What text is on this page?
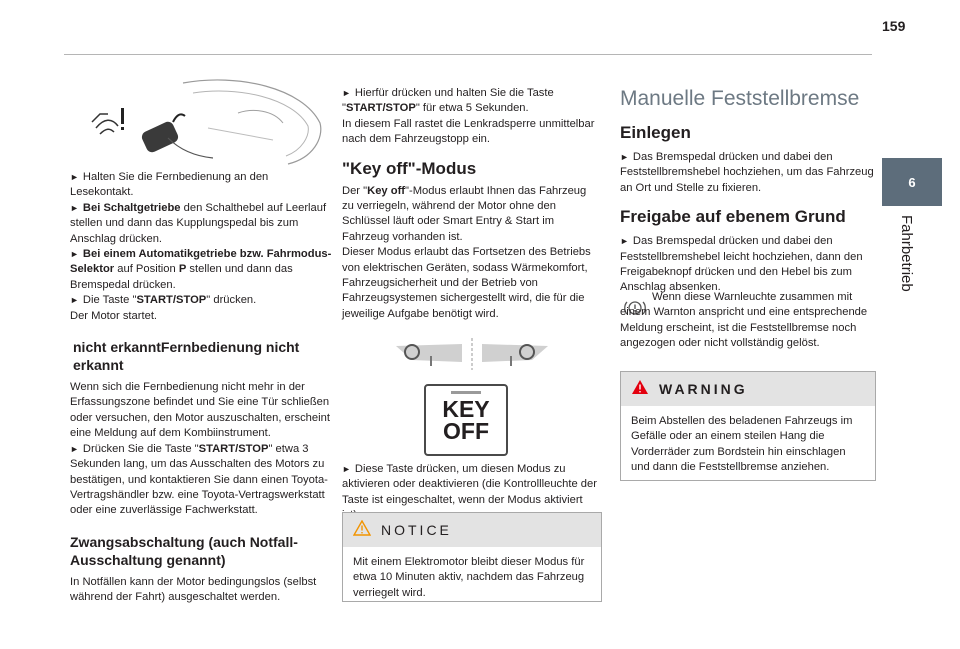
159
6
Fahrbetrieb

► Halten Sie die Fernbedienung an den Lesekontakt.

► Bei Schaltgetriebe den Schalthebel auf Leerlauf stellen und dann das Kupplungspedal bis zum Anschlag drücken.

► Bei einem Automatikgetriebe bzw. Fahrmodus-Selektor auf Position P stellen und dann das Bremspedal drücken.

► Die Taste "START/STOP" drücken.

Der Motor startet.

nicht erkanntFernbedienung nicht erkannt

Wenn sich die Fernbedienung nicht mehr in der Erfassungszone befindet und Sie eine Tür schließen oder versuchen, den Motor auszuschalten, erscheint eine Meldung auf dem Kombiinstrument.

► Drücken Sie die Taste "START/STOP" etwa 3 Sekunden lang, um das Ausschalten des Motors zu bestätigen, und kontaktieren Sie dann einen Toyota-Vertragshändler bzw. eine Toyota-Vertragswerkstatt oder eine zuverlässige Fachwerkstatt.

Zwangsabschaltung (auch Notfall-Ausschaltung genannt)

In Notfällen kann der Motor bedingungslos (selbst während der Fahrt) ausgeschaltet werden.

► Hierfür drücken und halten Sie die Taste "START/STOP" für etwa 5 Sekunden.

In diesem Fall rastet die Lenkradsperre unmittelbar nach dem Fahrzeugstopp ein.

"Key off"-Modus

Der "Key off"-Modus erlaubt Ihnen das Fahrzeug zu verriegeln, während der Motor ohne den Schlüssel läuft oder Smart Entry & Start im Fahrzeug vorhanden ist.

Dieser Modus erlaubt das Fortsetzen des Betriebs von elektrischen Geräten, sodass Wärmekomfort, Fahrzeugsicherheit und der Betrieb von Fahrzeugsystemen sichergestellt wird, die für die jeweilige Aufgabe benötigt wird.

KEY
OFF

► Diese Taste drücken, um diesen Modus zu aktivieren oder deaktivieren (die Kontrollleuchte der Taste ist eingeschaltet, wenn der Modus aktiviert

NOTICE

Mit einem Elektromotor bleibt dieser Modus für etwa 10 Minuten aktiv, nachdem das Fahrzeug verriegelt wird.

Manuelle Feststellbremse
Einlegen

► Das Bremspedal drücken und dabei den Feststellbremshebel hochziehen, um das Fahrzeug an Ort und Stelle zu fixieren.

Freigabe auf ebenem Grund

► Das Bremspedal drücken und dabei den Feststellbremshebel leicht hochziehen, dann den Freigabeknopf drücken und den Hebel bis zum Anschlag absenken.

Wenn diese Warnleuchte zusammen mit einem Warnton anspricht und eine entsprechende Meldung erscheint, ist die Feststellbremse noch angezogen oder nicht vollständig gelöst.

WARNING

Beim Abstellen des beladenen Fahrzeugs im Gefälle oder an einem steilen Hang die Vorderräder zum Bordstein hin einschlagen und dann die Feststellbremse anziehen.
